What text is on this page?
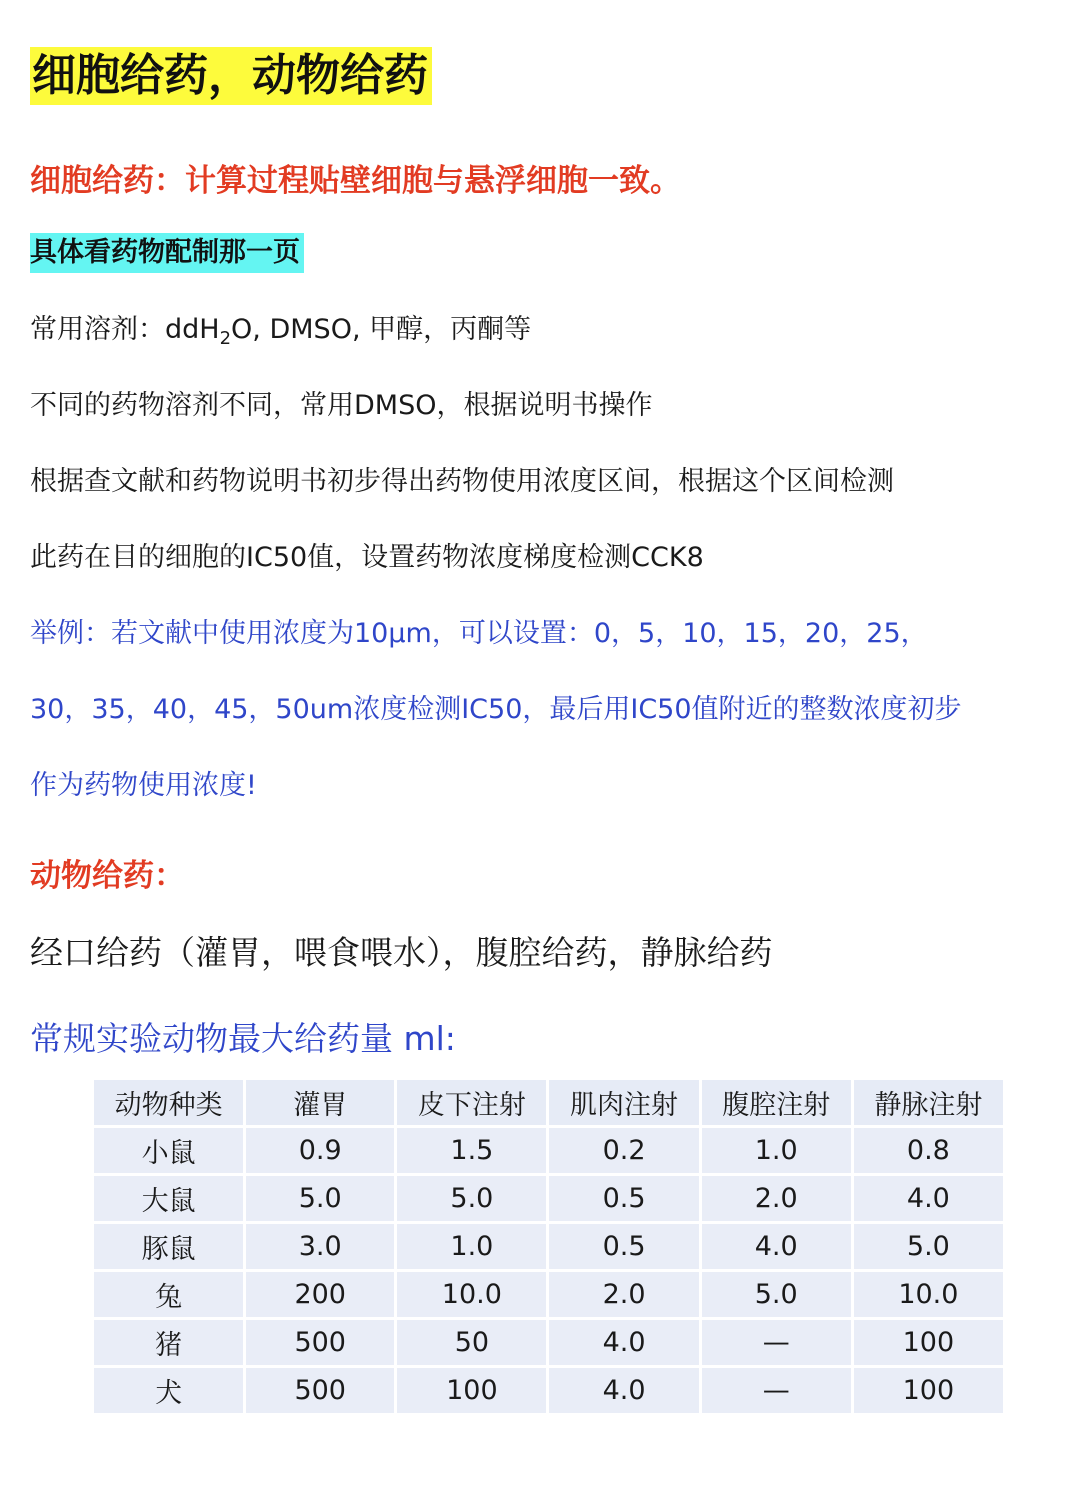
细胞给药，动物给药
细胞给药：计算过程贴壁细胞与悬浮细胞一致。
具体看药物配制那一页
常用溶剂：ddH$_2$O, DMSO, 甲醇，丙酮等
不同的药物溶剂不同，常用DMSO，根据说明书操作
根据查文献和药物说明书初步得出药物使用浓度区间，根据这个区间检测
此药在目的细胞的IC50值，设置药物浓度梯度检测CCK8
举例：若文献中使用浓度为10μm，可以设置：0，5，10，15，20，25，
30，35，40，45，50um浓度检测IC50，最后用IC50值附近的整数浓度初步
作为药物使用浓度!
动物给药：
经口给药（灌胃，喂食喂水），腹腔给药，静脉给药
常规实验动物最大给药量 ml:
动物种类	灌胃	皮下注射	肌肉注射	腹腔注射	静脉注射
小鼠	0.9	1.5	0.2	1.0	0.8
大鼠	5.0	5.0	0.5	2.0	4.0
豚鼠	3.0	1.0	0.5	4.0	5.0
兔	200	10.0	2.0	5.0	10.0
猪	500	50	4.0	—	100
犬	500	100	4.0	—	100
